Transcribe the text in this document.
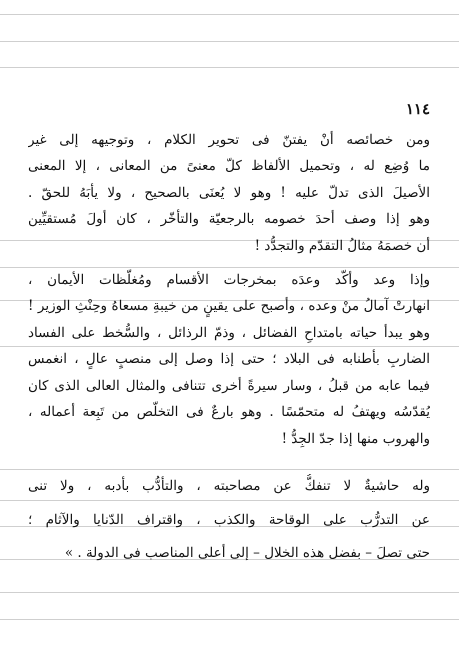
١١٤
ومن خصائصه أنْ يفتنّ فى تحوير الكلام ، وتوجيهه إلى غير
ما وُضِع له ، وتحميل الألفاظ كلّ معنىً من المعانى ، إلا المعنى
الأصيلَ الذى تدلّ عليه ! وهو لا يُعنَى بالصحيح ، ولا يأبَهُ للحقّ .
وهو إذا وصف أحدَ خصومه بالرجعيّة والتأخّر ، كان أولَ مُستقيِّين
أن خصمَهُ مثالُ التقدّم والتجدُّد !
وإذا وعد وأكّد وعدَه بمخرجات الأقسام ومُغلّظات الأيمان ،
انهارتْ آمالُ منْ وعده ، وأصبح على يقينٍ من خيبةِ مسعاهُ وحِنْثِ الوزير !
وهو يبدأ حياته بامتداحِ الفضائل ، وذمّ الرذائل ، والسُّخط على الفساد
الضاربِ بأطنابه فى البلاد ؛ حتى إذا وصل إلى منصبٍ عالٍ ، انغمس
فيما عابه من قبلُ ، وسار سيرةً أخرى تتنافى والمثال العالى الذى كان
يُقدّسُه ويهتفُ له متحمّسًا . وهو بارعٌ فى التخلّص من تَبِعة أعماله ،
والهروب منها إذا جدّ الجِدُّ !
وله حاشيةٌ لا تنفكُّ عن مصاحبته ، والتأدُّب بأدبه ، ولا تنى
عن التدرُّب على الوقاحة والكذب ، واقتراف الدّنايا والآثام ؛
حتى تصلَ – بفضل هذه الخلال – إلى أعلى المناصب فى الدولة . »
